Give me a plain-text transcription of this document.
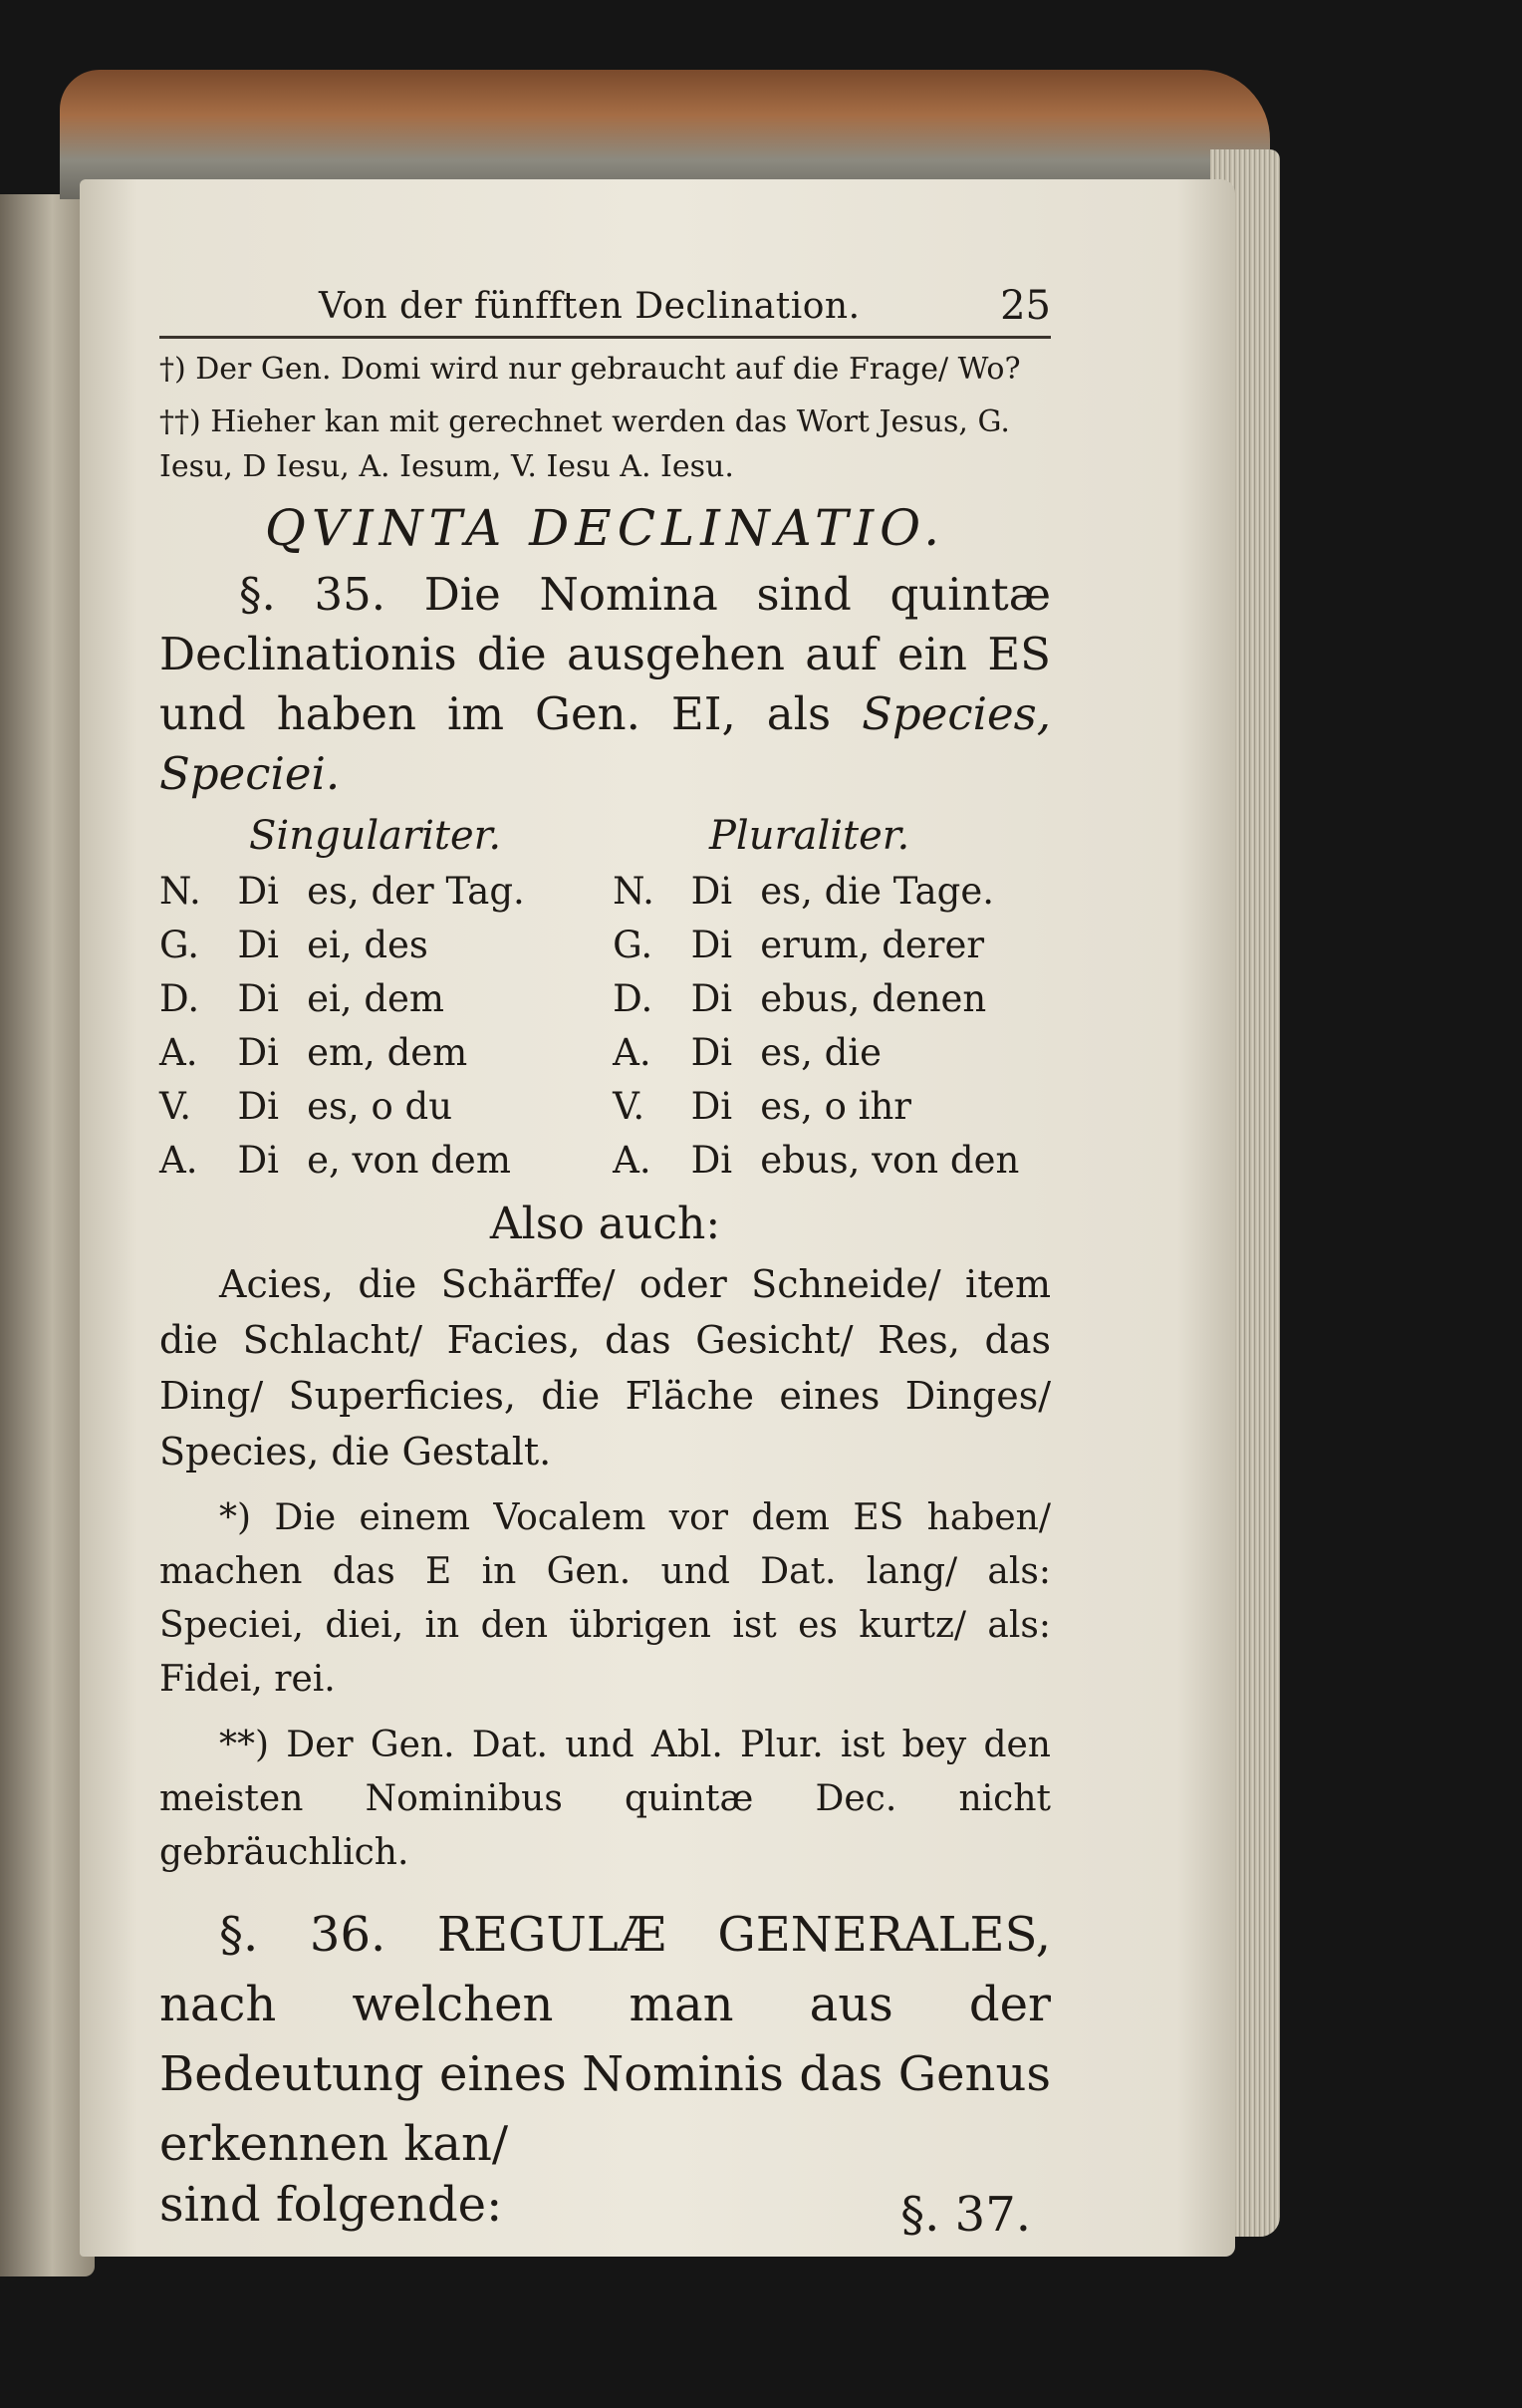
Von der fünfften Declination.	25

†) Der Gen. Domi wird nur gebraucht auf die Frage/ Wo?

††) Hieher kan mit gerechnet werden das Wort Jesus, G. Iesu, D Iesu, A. Iesum, V. Iesu A. Iesu.

QVINTA DECLINATIO.

§. 35. Die Nomina sind quintæ Declinationis die ausgehen auf ein ES und haben im Gen. EI, als Species, Speciei.

Singulariter.	Pluraliter.
N.	Di	es, der Tag.		N.	Di	es, die Tage.
G.	Di	ei, des		G.	Di	erum, derer
D.	Di	ei, dem		D.	Di	ebus, denen
A.	Di	em, dem		A.	Di	es, die
V.	Di	es, o du		V.	Di	es, o ihr
A.	Di	e, von dem		A.	Di	ebus, von den

Also auch:

Acies, die Schärffe/ oder Schneide/ item die Schlacht/ Facies, das Gesicht/ Res, das Ding/ Superficies, die Fläche eines Dinges/ Species, die Gestalt.

*) Die einem Vocalem vor dem ES haben/ machen das E in Gen. und Dat. lang/ als: Speciei, diei, in den übrigen ist es kurtz/ als: Fidei, rei.

**) Der Gen. Dat. und Abl. Plur. ist bey den meisten Nominibus quintæ Dec. nicht gebräuchlich.

§. 36. REGULÆ GENERALES, nach welchen man aus der Bedeutung eines Nominis das Genus erkennen kan/

sind folgende:	§. 37.
